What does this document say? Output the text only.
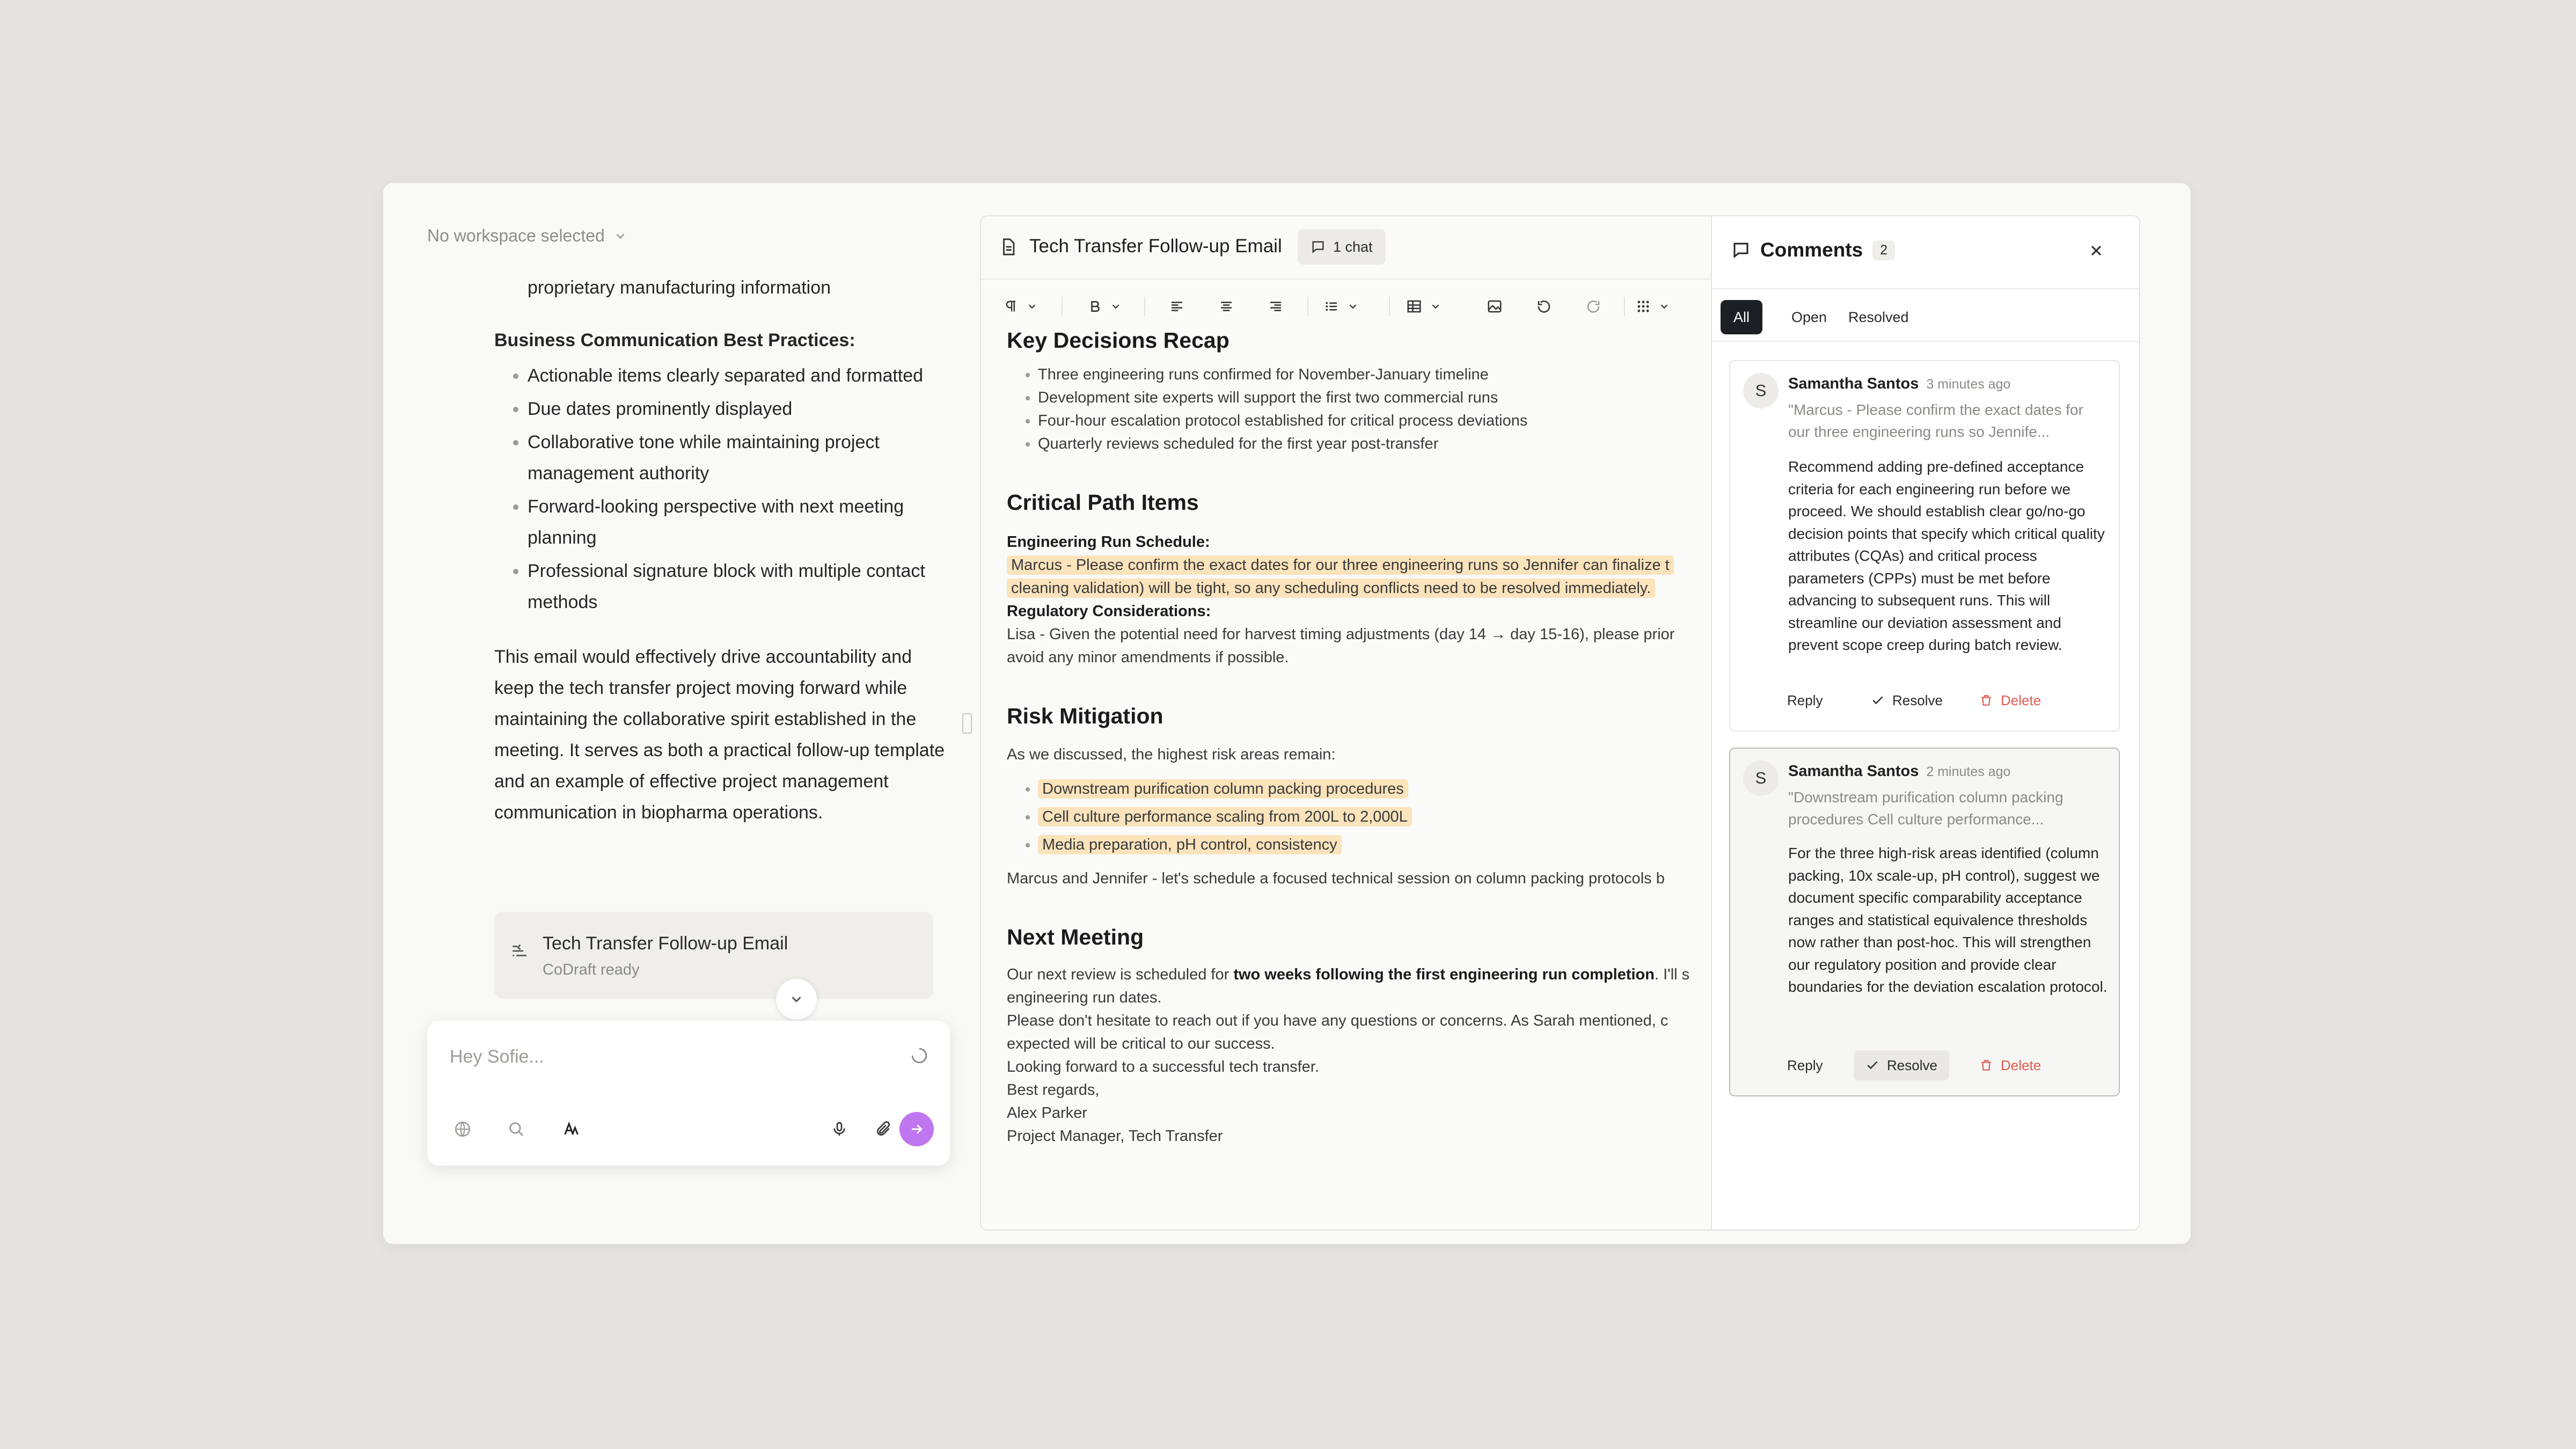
No workspace selected
proprietary manufacturing information
Business Communication Best Practices:
• Actionable items clearly separated and formatted
• Due dates prominently displayed
• Collaborative tone while maintaining project management authority
• Forward-looking perspective with next meeting planning
• Professional signature block with multiple contact methods

This email would effectively drive accountability and keep the tech transfer project moving forward while maintaining the collaborative spirit established in the meeting. It serves as both a practical follow-up template and an example of effective project management communication in biopharma operations.

Tech Transfer Follow-up Email
CoDraft ready
Hey Sofie...
Tech Transfer Follow-up Email	1 chat
Key Decisions Recap
• Three engineering runs confirmed for November-January timeline
• Development site experts will support the first two commercial runs
• Four-hour escalation protocol established for critical process deviations
• Quarterly reviews scheduled for the first year post-transfer
Critical Path Items
Engineering Run Schedule:
Marcus - Please confirm the exact dates for our three engineering runs so Jennifer can finalize t
cleaning validation) will be tight, so any scheduling conflicts need to be resolved immediately.
Regulatory Considerations:
Lisa - Given the potential need for harvest timing adjustments (day 14 → day 15-16), please prior
avoid any minor amendments if possible.
Risk Mitigation
As we discussed, the highest risk areas remain:
• Downstream purification column packing procedures
• Cell culture performance scaling from 200L to 2,000L
• Media preparation, pH control, consistency
Marcus and Jennifer - let's schedule a focused technical session on column packing protocols b
Next Meeting
Our next review is scheduled for two weeks following the first engineering run completion. I'll s
engineering run dates.
Please don't hesitate to reach out if you have any questions or concerns. As Sarah mentioned, c
expected will be critical to our success.
Looking forward to a successful tech transfer.
Best regards,
Alex Parker
Project Manager, Tech Transfer
Comments	2
All	Open	Resolved
S	Samantha Santos 3 minutes ago
"Marcus - Please confirm the exact dates for our three engineering runs so Jennife...
Recommend adding pre-defined acceptance criteria for each engineering run before we proceed. We should establish clear go/no-go decision points that specify which critical quality attributes (CQAs) and critical process parameters (CPPs) must be met before advancing to subsequent runs. This will streamline our deviation assessment and prevent scope creep during batch review.
Reply	Resolve	Delete
S	Samantha Santos 2 minutes ago
"Downstream purification column packing procedures Cell culture performance...
For the three high-risk areas identified (column packing, 10x scale-up, pH control), suggest we document specific comparability acceptance ranges and statistical equivalence thresholds now rather than post-hoc. This will strengthen our regulatory position and provide clear boundaries for the deviation escalation protocol.
Reply	Resolve	Delete
